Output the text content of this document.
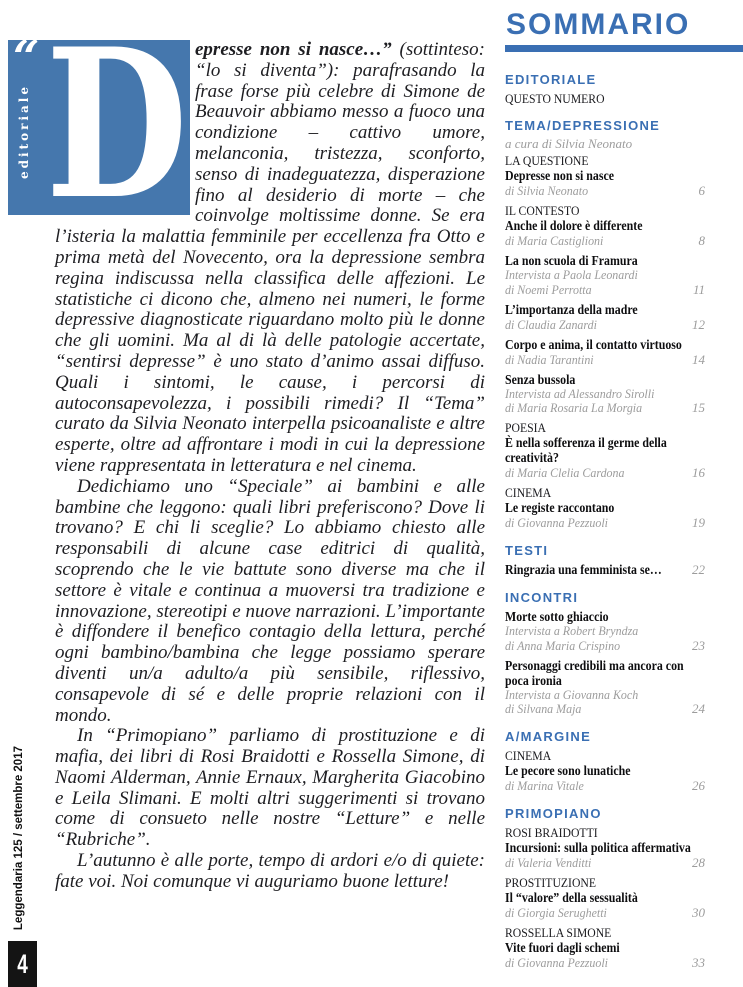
SOMMARIO
EDITORIALE
QUESTO NUMERO
TEMA/DEPRESSIONE
a cura di Silvia Neonato
LA QUESTIONE
Depresse non si nasce
di Silvia Neonato	6
IL CONTESTO
Anche il dolore è differente
di Maria Castiglioni	8
La non scuola di Framura
Intervista a Paola Leonardi
di Noemi Perrotta	11
L’importanza della madre
di Claudia Zanardi	12
Corpo e anima, il contatto virtuoso
di Nadia Tarantini	14
Senza bussola
Intervista ad Alessandro Sirolli
di Maria Rosaria La Morgia	15
POESIA
È nella sofferenza il germe della
creatività?
di Maria Clelia Cardona	16
CINEMA
Le registe raccontano
di Giovanna Pezzuoli	19
TESTI
Ringrazia una femminista se…	22
INCONTRI
Morte sotto ghiaccio
Intervista a Robert Bryndza
di Anna Maria Crispino	23
Personaggi credibili ma ancora con
poca ironia
Intervista a Giovanna Koch
di Silvana Maja	24
A/MARGINE
CINEMA
Le pecore sono lunatiche
di Marina Vitale	26
PRIMOPIANO
ROSI BRAIDOTTI
Incursioni: sulla politica affermativa
di Valeria Venditti	28
PROSTITUZIONE
Il “valore” della sessualità
di Giorgia Serughetti	30
ROSSELLA SIMONE
Vite fuori dagli schemi
di Giovanna Pezzuoli	33
“
editoriale D epresse non si nasce…” (sottinteso: “lo si diventa”): parafrasando la frase forse più celebre di Simone de Beauvoir abbiamo messo a fuoco una condizione – cattivo umore, melanconia, tristezza, sconforto, senso di inadeguatezza, disperazione fino al desiderio di morte – che coinvolge moltissime donne. Se era l’isteria la malattia femminile per eccellenza fra Otto e prima metà del Novecento, ora la depressione sembra regina indiscussa nella classifica delle affezioni. Le statistiche ci dicono che, almeno nei numeri, le forme depressive diagnosticate riguardano molto più le donne che gli uomini. Ma al di là delle patologie accertate, “sentirsi depresse” è uno stato d’animo assai diffuso. Quali i sintomi, le cause, i percorsi di autoconsapevolezza, i possibili rimedi? Il “Tema” curato da Silvia Neonato interpella psicoanaliste e altre esperte, oltre ad affrontare i modi in cui la depressione viene rappresentata in letteratura e nel cinema.

Dedichiamo uno “Speciale” ai bambini e alle bambine che leggono: quali libri preferiscono? Dove li trovano? E chi li sceglie? Lo abbiamo chiesto alle responsabili di alcune case editrici di qualità, scoprendo che le vie battute sono diverse ma che il settore è vitale e continua a muoversi tra tradizione e innovazione, stereotipi e nuove narrazioni. L’importante è diffondere il benefico contagio della lettura, perché ogni bambino/bambina che legge possiamo sperare diventi un/a adulto/a più sensibile, riflessivo, consapevole di sé e delle proprie relazioni con il mondo.

In “Primopiano” parliamo di prostituzione e di mafia, dei libri di Rosi Braidotti e Rossella Simone, di Naomi Alderman, Annie Ernaux, Margherita Giacobino e Leila Slimani. E molti altri suggerimenti si trovano come di consueto nelle nostre “Letture” e nelle “Rubriche”.

L’autunno è alle porte, tempo di ardori e/o di quiete: fate voi. Noi comunque vi auguriamo buone letture!

Leggendaria 125 / settembre 2017
4
